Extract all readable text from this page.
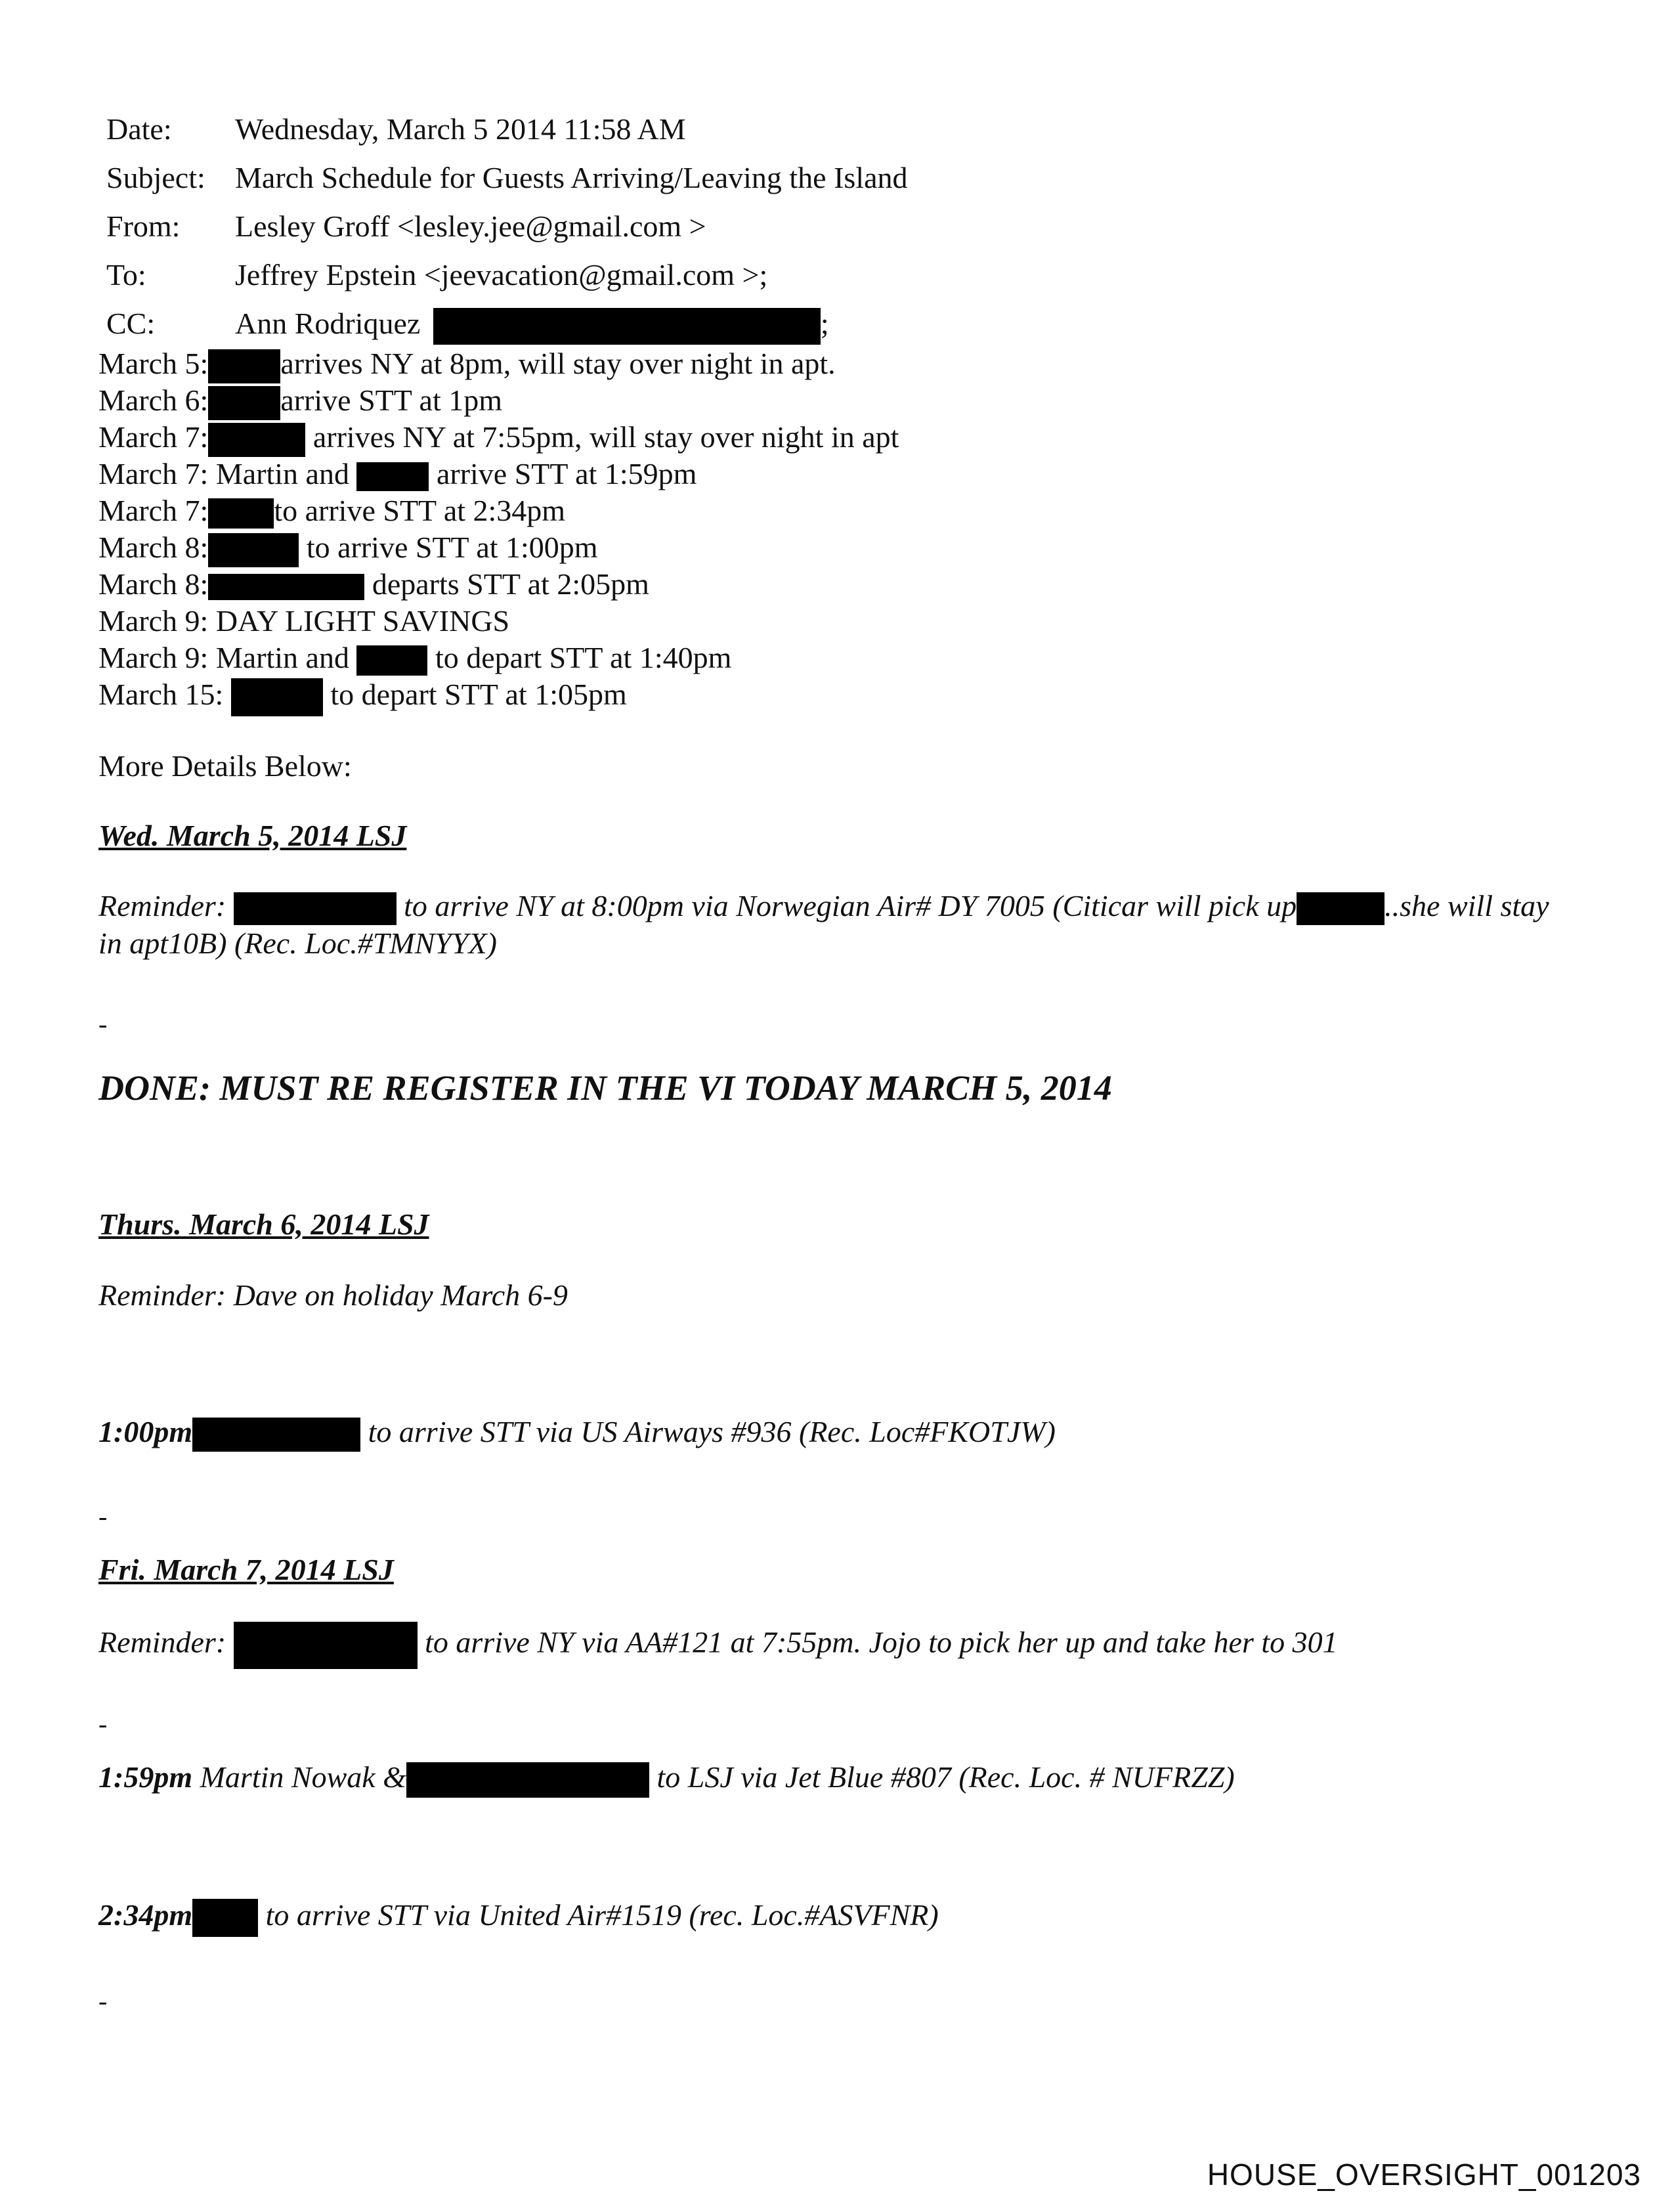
Date:	Wednesday, March 5 2014 11:58 AM
Subject: March Schedule for Guests Arriving/Leaving the Island
From:	Lesley Groff <lesley.jee@gmail.com >
To:	Jeffrey Epstein <jeevacation@gmail.com >;
CC:	Ann Rodriquez	;
March 5: arrives NY at 8pm, will stay over night in apt.
March 6: arrive STT at 1pm
March 7:	arrives NY at 7:55pm, will stay over night in apt
March 7: Martin and	arrive STT at 1:59pm
March 7: to arrive STT at 2:34pm
March 8:	to arrive STT at 1:00pm
March 8:	departs STT at 2:05pm
March 9: DAY LIGHT SAVINGS
March 9: Martin and	to depart STT at 1:40pm
March 15:	to depart STT at 1:05pm
More Details Below:
Wed. March 5, 2014 LSJ
Reminder:	to arrive NY at 8:00pm via Norwegian Air# DY 7005 (Citicar will pick up	..she will stay in apt10B) (Rec. Loc.#TMNYYX)
-
DONE: MUST RE REGISTER IN THE VI TODAY MARCH 5, 2014
Thurs. March 6, 2014 LSJ
Reminder: Dave on holiday March 6-9
1:00pm	to arrive STT via US Airways #936 (Rec. Loc#FKOTJW)
-
Fri. March 7, 2014 LSJ
Reminder:	to arrive NY via AA#121 at 7:55pm. Jojo to pick her up and take her to 301
-
1:59pm Martin Nowak &	to LSJ via Jet Blue #807 (Rec. Loc. # NUFRZZ)
2:34pm to arrive STT via United Air#1519 (rec. Loc.#ASVFNR)
-
HOUSE_OVERSIGHT_001203
